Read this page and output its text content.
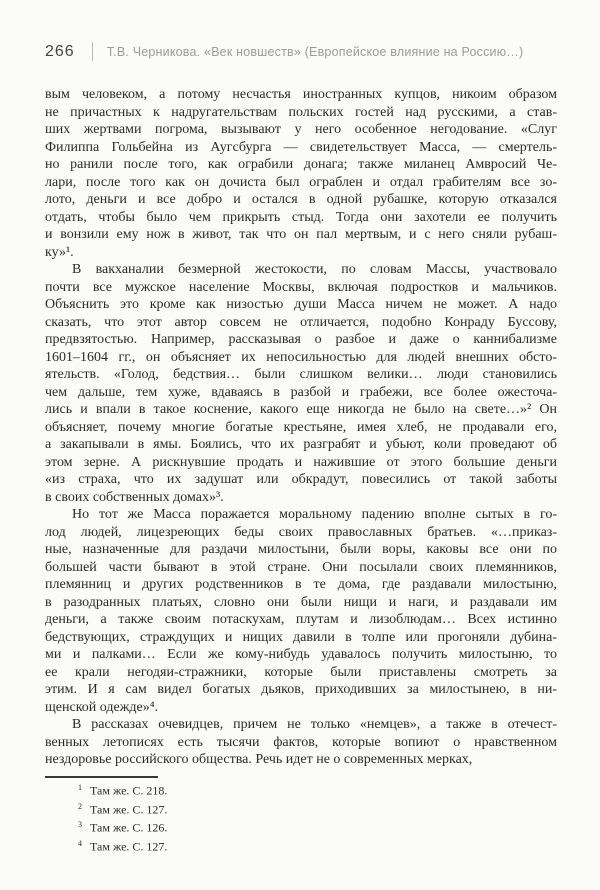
266	Т.В. Черникова. «Век новшеств» (Европейское влияние на Россию…)

вым человеком, а потому несчастья иностранных купцов, никоим образом
не причастных к надругательствам польских гостей над русскими, а став-
ших жертвами погрома, вызывают у него особенное негодование. «Слуг
Филиппа Гольбейна из Аугсбурга — свидетельствует Масса, — смертель-
но ранили после того, как ограбили донага; также миланец Амвросий Че-
лари, после того как он дочиста был ограблен и отдал грабителям все зо-
лото, деньги и все добро и остался в одной рубашке, которую отказался
отдать, чтобы было чем прикрыть стыд. Тогда они захотели ее получить
и вонзили ему нож в живот, так что он пал мертвым, и с него сняли рубаш-
ку»¹.

В вакханалии безмерной жестокости, по словам Массы, участвовало
почти все мужское население Москвы, включая подростков и мальчиков.
Объяснить это кроме как низостью души Масса ничем не может. А надо
сказать, что этот автор совсем не отличается, подобно Конраду Буссову,
предвзятостью. Например, рассказывая о разбое и даже о каннибализме
1601–1604 гг., он объясняет их непосильностью для людей внешних обсто-
ятельств. «Голод, бедствия… были слишком велики… люди становились
чем дальше, тем хуже, вдаваясь в разбой и грабежи, все более ожесточа-
лись и впали в такое коснение, какого еще никогда не было на свете…»² Он
объясняет, почему многие богатые крестьяне, имея хлеб, не продавали его,
а закапывали в ямы. Боялись, что их разграбят и убьют, коли проведают об
этом зерне. А рискнувшие продать и нажившие от этого большие деньги
«из страха, что их задушат или обкрадут, повесились от такой заботы
в своих собственных домах»³.

Но тот же Масса поражается моральному падению вполне сытых в го-
лод людей, лицезреющих беды своих православных братьев. «…приказ-
ные, назначенные для раздачи милостыни, были воры, каковы все они по
большей части бывают в этой стране. Они посылали своих племянников,
племянниц и других родственников в те дома, где раздавали милостыню,
в разодранных платьях, словно они были нищи и наги, и раздавали им
деньги, а также своим потаскухам, плутам и лизоблюдам… Всех истинно
бедствующих, страждущих и нищих давили в толпе или прогоняли дубина-
ми и палками… Если же кому-нибудь удавалось получить милостыню, то
ее крали негодяи-стражники, которые были приставлены смотреть за
этим. И я сам видел богатых дьяков, приходивших за милостынею, в ни-
щенской одежде»⁴.

В рассказах очевидцев, причем не только «немцев», а также в отечест-
венных летописях есть тысячи фактов, которые вопиют о нравственном
нездоровье российского общества. Речь идет не о современных мерках,

1 Там же. С. 218.
2 Там же. С. 127.
3 Там же. С. 126.
4 Там же. С. 127.
